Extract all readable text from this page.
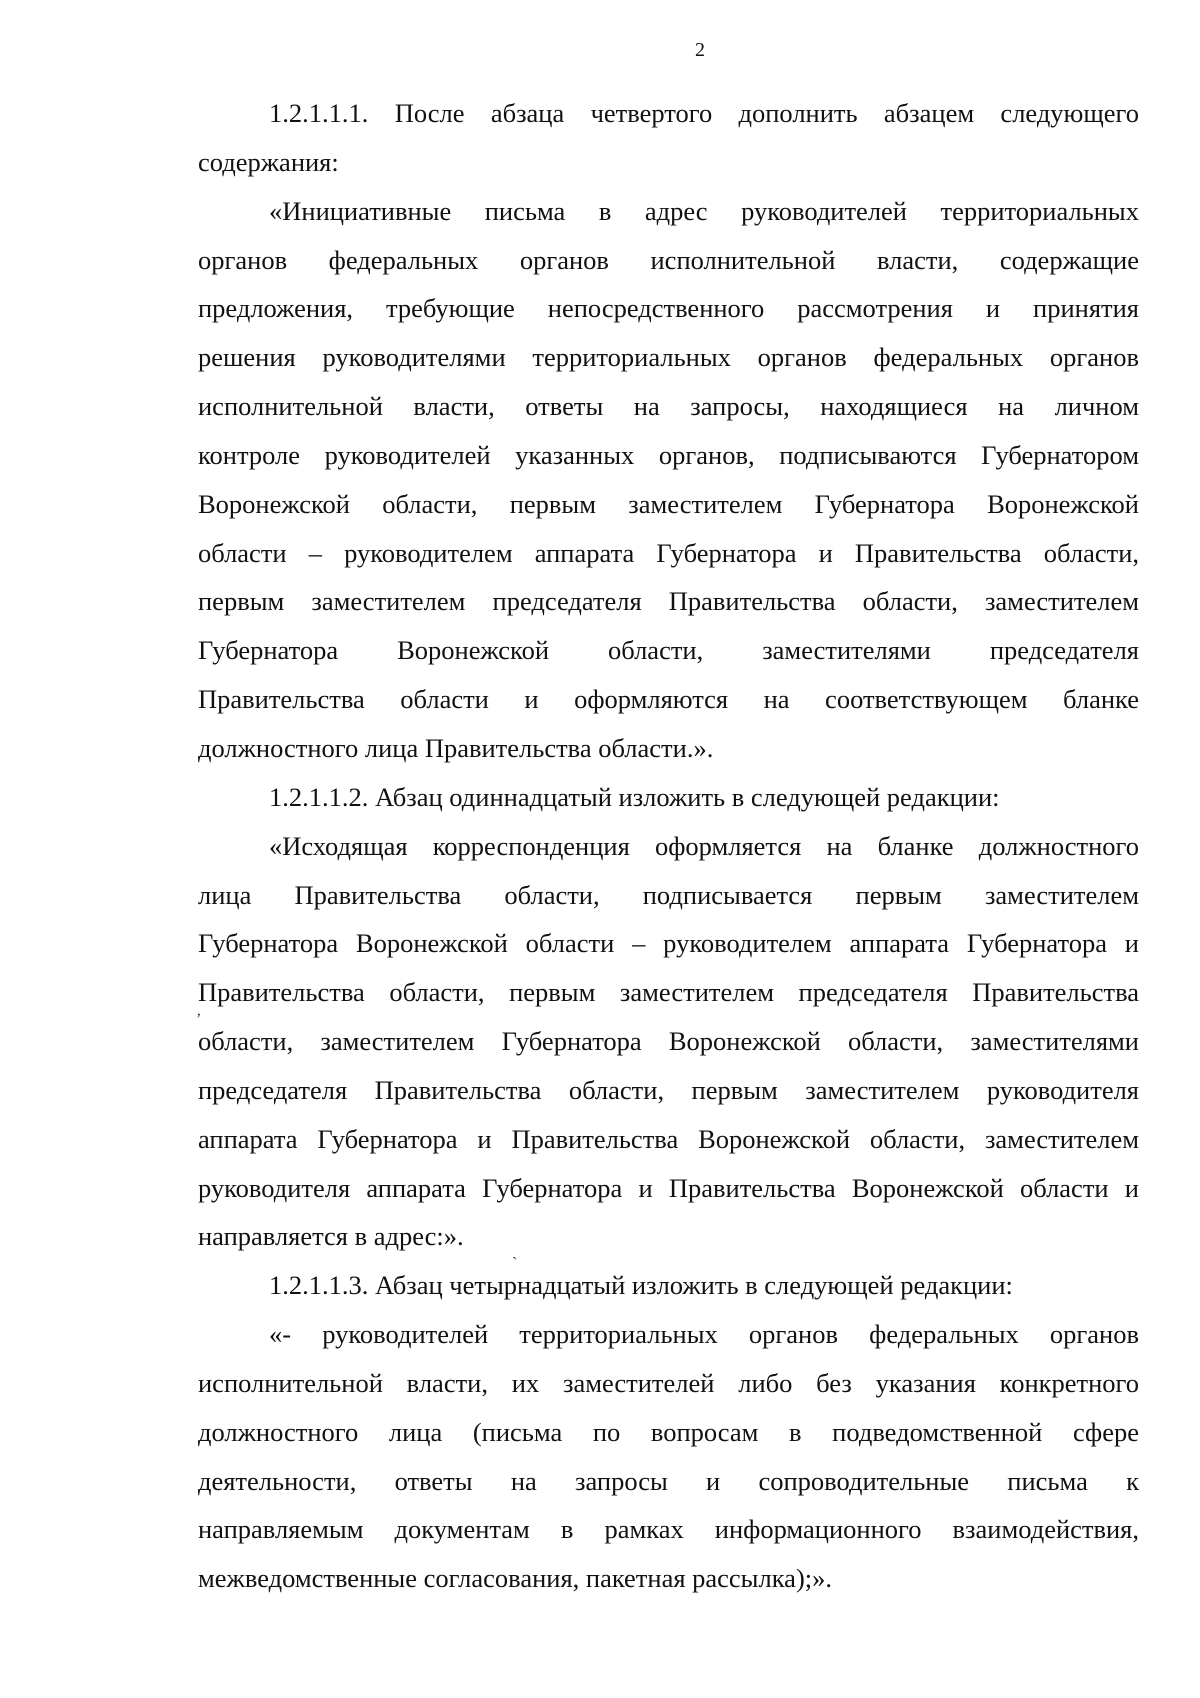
2
1.2.1.1.1. После абзаца четвертого дополнить абзацем следующего
содержания:
«Инициативные письма в адрес руководителей территориальных
органов федеральных органов исполнительной власти, содержащие
предложения, требующие непосредственного рассмотрения и принятия
решения руководителями территориальных органов федеральных органов
исполнительной власти, ответы на запросы, находящиеся на личном
контроле руководителей указанных органов, подписываются Губернатором
Воронежской области, первым заместителем Губернатора Воронежской
области – руководителем аппарата Губернатора и Правительства области,
первым заместителем председателя Правительства области, заместителем
Губернатора Воронежской области, заместителями председателя
Правительства области и оформляются на соответствующем бланке
должностного лица Правительства области.».
1.2.1.1.2. Абзац одиннадцатый изложить в следующей редакции:
«Исходящая корреспонденция оформляется на бланке должностного
лица Правительства области, подписывается первым заместителем
Губернатора Воронежской области – руководителем аппарата Губернатора и
Правительства области, первым заместителем председателя Правительства
области, заместителем Губернатора Воронежской области, заместителями
председателя Правительства области, первым заместителем руководителя
аппарата Губернатора и Правительства Воронежской области, заместителем
руководителя аппарата Губернатора и Правительства Воронежской области и
направляется в адрес:».
1.2.1.1.3. Абзац четырнадцатый изложить в следующей редакции:
«- руководителей территориальных органов федеральных органов
исполнительной власти, их заместителей либо без указания конкретного
должностного лица (письма по вопросам в подведомственной сфере
деятельности, ответы на запросы и сопроводительные письма к
направляемым документам в рамках информационного взаимодействия,
межведомственные согласования, пакетная рассылка);».
ʼ
`
